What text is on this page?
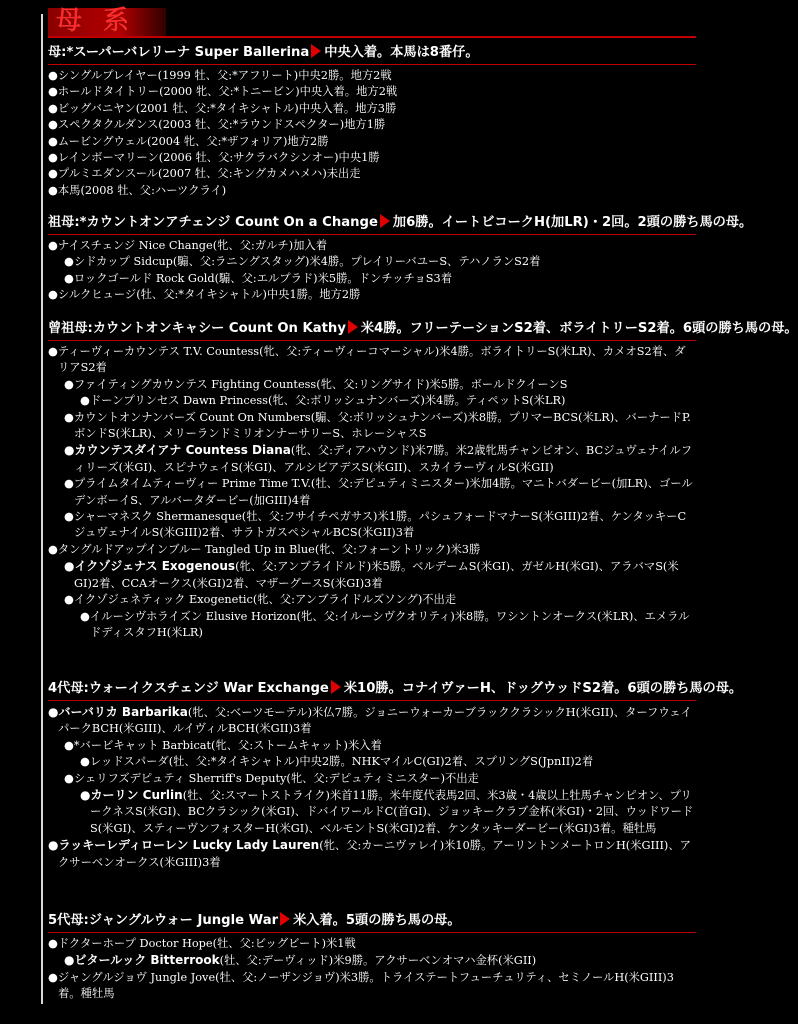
母 系
母:*スーパーバレリーナ Super Ballerina 中央入着。本馬は8番仔。
●シングルプレイヤー(1999 牡、父:*アフリート)中央2勝。地方2戦
●ホールドタイトリー(2000 牝、父:*トニービン)中央入着。地方2戦
●ビッグバニヤン(2001 牡、父:*タイキシャトル)中央入着。地方3勝
●スペクタクルダンス(2003 牡、父:*ラウンドスペクター)地方1勝
●ムービングウェル(2004 牝、父:*ザフォリア)地方2勝
●レインボーマリーン(2006 牡、父:サクラバクシンオー)中央1勝
●プルミエダンスール(2007 牡、父:キングカメハメハ)未出走
●本馬(2008 牡、父:ハーツクライ)
祖母:*カウントオンアチェンジ Count On a Change 加6勝。イートビコークH(加LR)・2回。2頭の勝ち馬の母。
●ナイスチェンジ Nice Change(牝、父:ガルチ)加入着
●シドカップ Sidcup(騸、父:ラニングスタッグ)米4勝。プレイリーバユーS、テハノランS2着
●ロックゴールド Rock Gold(騸、父:エルプラド)米5勝。ドンチッチョS3着
●シルクヒュージ(牡、父:*タイキシャトル)中央1勝。地方2勝
曾祖母:カウントオンキャシー Count On Kathy 米4勝。フリーテーションS2着、ボライトリーS2着。6頭の勝ち馬の母。
●ティーヴィーカウンテス T.V. Countess(牝、父:ティーヴィーコマーシャル)米4勝。ボライトリーS(米LR)、カメオS2着、ダリアS2着
●ファイティングカウンテス Fighting Countess(牝、父:リングサイド)米5勝。ボールドクイーンS
●ドーンプリンセス Dawn Princess(牝、父:ボリッシュナンバーズ)米4勝。ティペットS(米LR)
●カウントオンナンバーズ Count On Numbers(騸、父:ボリッシュナンバーズ)米8勝。プリマーBCS(米LR)、バーナードP.ボンドS(米LR)、メリーランドミリオンナーサリーS、ホレーシャスS
●カウンテスダイアナ Countess Diana(牝、父:ディアハウンド)米7勝。米2歳牝馬チャンピオン、BCジュヴェナイルフィリーズ(米GI)、スピナウェイS(米GI)、アルシビアデスS(米GII)、スカイラーヴィルS(米GII)
●プライムタイムティーヴィー Prime Time T.V.(牡、父:デピュティミニスター)米加4勝。マニトバダービー(加LR)、ゴールデンボーイS、アルバータダービー(加GIII)4着
●シャーマネスク Shermanesque(牡、父:フサイチペガサス)米1勝。パシュフォードマナーS(米GIII)2着、ケンタッキーCジュヴェナイルS(米GIII)2着、サラトガスペシャルBCS(米GII)3着
●タングルドアップインブルー Tangled Up in Blue(牝、父:フォーントリック)米3勝
●イクゾジェナス Exogenous(牝、父:アンブライドルド)米5勝。ベルデームS(米GI)、ガゼルH(米GI)、アラバマS(米GI)2着、CCAオークス(米GI)2着、マザーグースS(米GI)3着
●イクゾジェネティック Exogenetic(牝、父:アンブライドルズソング)不出走
●イルーシヴホライズン Elusive Horizon(牝、父:イルーシヴクオリティ)米8勝。ワシントンオークス(米LR)、エメラルドディスタフH(米LR)
4代母:ウォーイクスチェンジ War Exchange 米10勝。コナイヴァーH、ドッグウッドS2着。6頭の勝ち馬の母。
●バーバリカ Barbarika(牝、父:ベーツモーテル)米仏7勝。ジョニーウォーカーブラッククラシックH(米GII)、ターフウェイパークBCH(米GIII)、ルイヴィルBCH(米GII)3着
●*バービキャット Barbicat(牝、父:ストームキャット)米入着
●レッドスパーダ(牡、父:*タイキシャトル)中央2勝。NHKマイルC(GI)2着、スプリングS(JpnII)2着
●シェリフズデピュティ Sherriff's Deputy(牝、父:デピュティミニスター)不出走
●カーリン Curlin(牡、父:スマートストライク)米首11勝。米年度代表馬2回、米3歳・4歳以上牡馬チャンピオン、プリークネスS(米GI)、BCクラシック(米GI)、ドバイワールドC(首GI)、ジョッキークラブ金杯(米GI)・2回、ウッドワードS(米GI)、スティーヴンフォスターH(米GI)、ベルモントS(米GI)2着、ケンタッキーダービー(米GI)3着。種牡馬
●ラッキーレディローレン Lucky Lady Lauren(牝、父:カーニヴァレイ)米10勝。アーリントンメートロンH(米GIII)、アクサーベンオークス(米GIII)3着
5代母:ジャングルウォー Jungle War 米入着。5頭の勝ち馬の母。
●ドクターホープ Doctor Hope(牡、父:ビッグビート)米1戦
●ビタールック Bitterrook(牡、父:デーヴィッド)米9勝。アクサーベンオマハ金杯(米GII)
●ジャングルジョヴ Jungle Jove(牡、父:ノーザンジョヴ)米3勝。トライステートフューチュリティ、セミノールH(米GIII)3着。種牡馬
